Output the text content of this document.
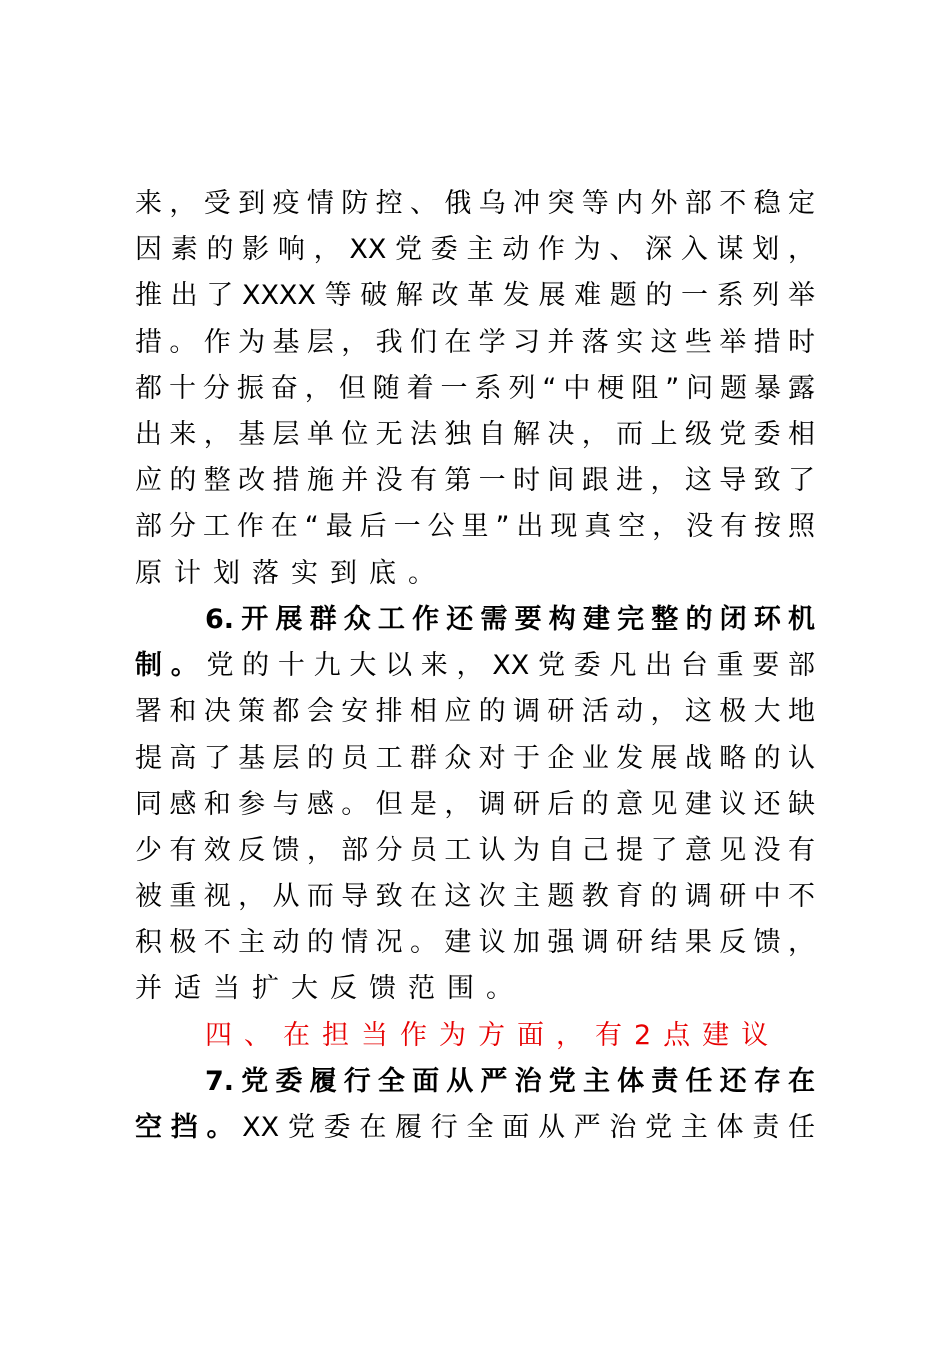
来，受到疫情防控、俄乌冲突等内外部不稳定
因素的影响，XX党委主动作为、深入谋划，
推出了XXXX等破解改革发展难题的一系列举
措。作为基层，我们在学习并落实这些举措时
都十分振奋，但随着一系列“中梗阻”问题暴露
出来，基层单位无法独自解决，而上级党委相
应的整改措施并没有第一时间跟进，这导致了
部分工作在“最后一公里”出现真空，没有按照
原计划落实到底。
6.开展群众工作还需要构建完整的闭环机
制。党的十九大以来，XX党委凡出台重要部
署和决策都会安排相应的调研活动，这极大地
提高了基层的员工群众对于企业发展战略的认
同感和参与感。但是，调研后的意见建议还缺
少有效反馈，部分员工认为自己提了意见没有
被重视，从而导致在这次主题教育的调研中不
积极不主动的情况。建议加强调研结果反馈，
并适当扩大反馈范围。
四、在担当作为方面，有2点建议
7.党委履行全面从严治党主体责任还存在
空挡。XX党委在履行全面从严治党主体责任
